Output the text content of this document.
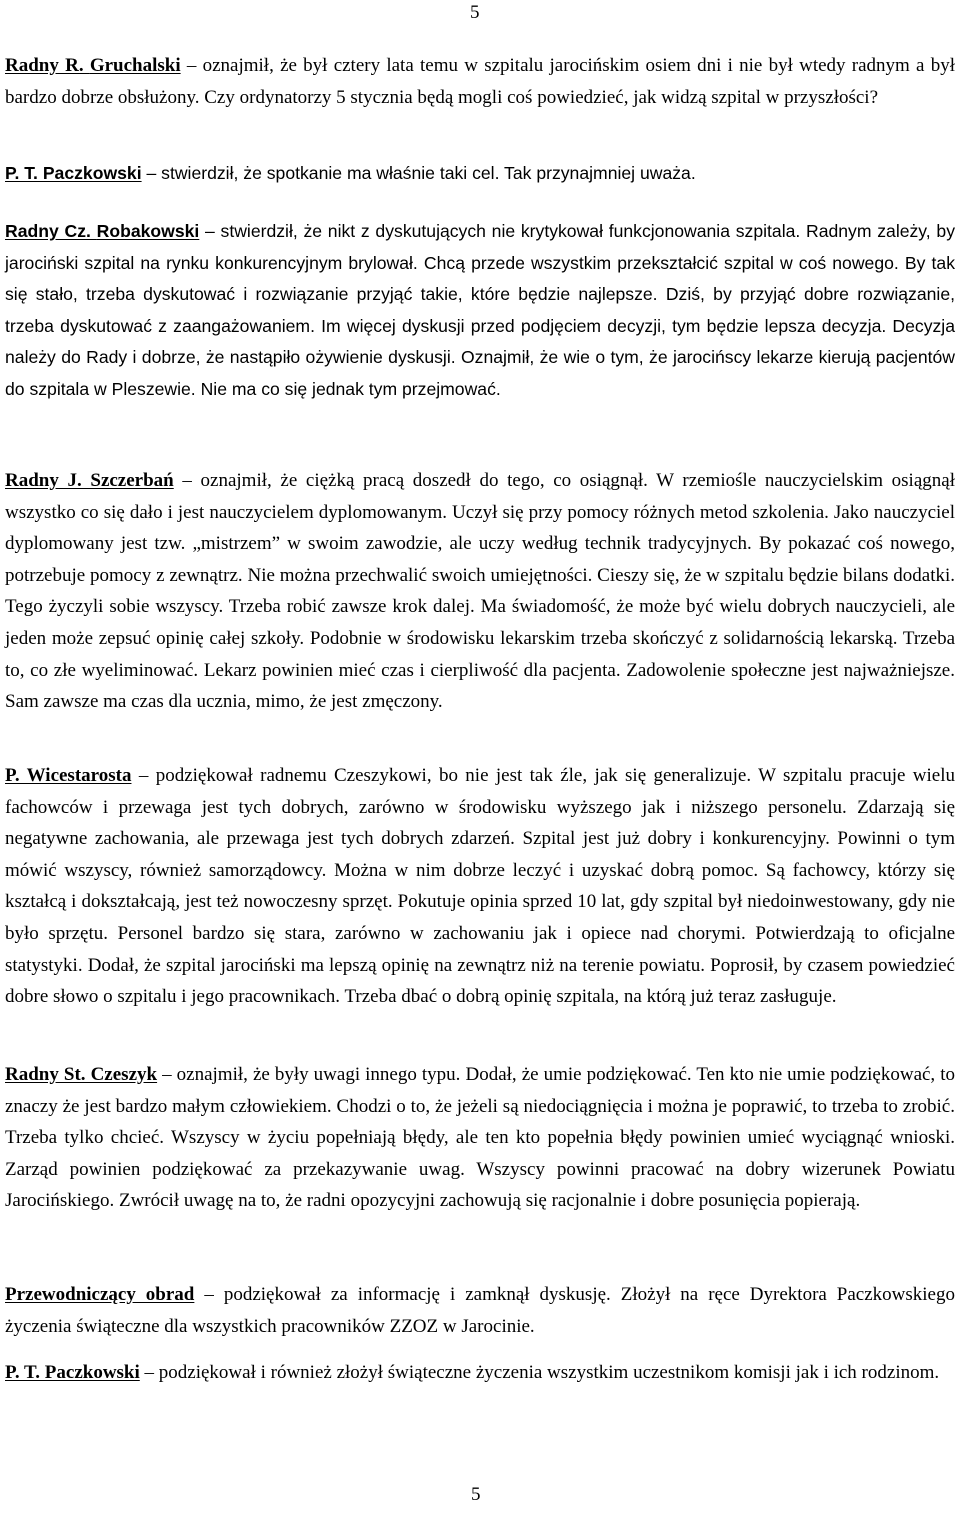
5

Radny R. Gruchalski – oznajmił, że był cztery lata temu w szpitalu jarocińskim osiem dni i nie był wtedy radnym a był bardzo dobrze obsłużony. Czy ordynatorzy 5 stycznia będą mogli coś powiedzieć, jak widzą szpital w przyszłości?

P. T. Paczkowski – stwierdził, że spotkanie ma właśnie taki cel. Tak przynajmniej uważa.

Radny Cz. Robakowski – stwierdził, że nikt z dyskutujących nie krytykował funkcjonowania szpitala. Radnym zależy, by jarociński szpital na rynku konkurencyjnym brylował. Chcą przede wszystkim przekształcić szpital w coś nowego. By tak się stało, trzeba dyskutować i rozwiązanie przyjąć takie, które będzie najlepsze. Dziś, by przyjąć dobre rozwiązanie, trzeba dyskutować z zaangażowaniem. Im więcej dyskusji przed podjęciem decyzji, tym będzie lepsza decyzja. Decyzja należy do Rady i dobrze, że nastąpiło ożywienie dyskusji. Oznajmił, że wie o tym, że jarocińscy lekarze kierują pacjentów do szpitala w Pleszewie. Nie ma co się jednak tym przejmować.

Radny J. Szczerbań – oznajmił, że ciężką pracą doszedł do tego, co osiągnął. W rzemiośle nauczycielskim osiągnął wszystko co się dało i jest nauczycielem dyplomowanym. Uczył się przy pomocy różnych metod szkolenia. Jako nauczyciel dyplomowany jest tzw. „mistrzem” w swoim zawodzie, ale uczy według technik tradycyjnych. By pokazać coś nowego, potrzebuje pomocy z zewnątrz. Nie można przechwalić swoich umiejętności. Cieszy się, że w szpitalu będzie bilans dodatki. Tego życzyli sobie wszyscy. Trzeba robić zawsze krok dalej. Ma świadomość, że może być wielu dobrych nauczycieli, ale jeden może zepsuć opinię całej szkoły. Podobnie w środowisku lekarskim trzeba skończyć z solidarnością lekarską. Trzeba to, co złe wyeliminować. Lekarz powinien mieć czas i cierpliwość dla pacjenta. Zadowolenie społeczne jest najważniejsze. Sam zawsze ma czas dla ucznia, mimo, że jest zmęczony.

P. Wicestarosta – podziękował radnemu Czeszykowi, bo nie jest tak źle, jak się generalizuje. W szpitalu pracuje wielu fachowców i przewaga jest tych dobrych, zarówno w środowisku wyższego jak i niższego personelu. Zdarzają się negatywne zachowania, ale przewaga jest tych dobrych zdarzeń. Szpital jest już dobry i konkurencyjny. Powinni o tym mówić wszyscy, również samorządowcy. Można w nim dobrze leczyć i uzyskać dobrą pomoc. Są fachowcy, którzy się kształcą i dokształcają, jest też nowoczesny sprzęt. Pokutuje opinia sprzed 10 lat, gdy szpital był niedoinwestowany, gdy nie było sprzętu. Personel bardzo się stara, zarówno w zachowaniu jak i opiece nad chorymi. Potwierdzają to oficjalne statystyki. Dodał, że szpital jarociński ma lepszą opinię na zewnątrz niż na terenie powiatu. Poprosił, by czasem powiedzieć dobre słowo o szpitalu i jego pracownikach. Trzeba dbać o dobrą opinię szpitala, na którą już teraz zasługuje.

Radny St. Czeszyk – oznajmił, że były uwagi innego typu. Dodał, że umie podziękować. Ten kto nie umie podziękować, to znaczy że jest bardzo małym człowiekiem. Chodzi o to, że jeżeli są niedociągnięcia i można je poprawić, to trzeba to zrobić. Trzeba tylko chcieć. Wszyscy w życiu popełniają błędy, ale ten kto popełnia błędy powinien umieć wyciągnąć wnioski. Zarząd powinien podziękować za przekazywanie uwag. Wszyscy powinni pracować na dobry wizerunek Powiatu Jarocińskiego. Zwrócił uwagę na to, że radni opozycyjni zachowują się racjonalnie i dobre posunięcia popierają.

Przewodniczący obrad – podziękował za informację i zamknął dyskusję. Złożył na ręce Dyrektora Paczkowskiego życzenia świąteczne dla wszystkich pracowników ZZOZ w Jarocinie.

P. T. Paczkowski – podziękował i również złożył świąteczne życzenia wszystkim uczestnikom komisji jak i ich rodzinom.

5
